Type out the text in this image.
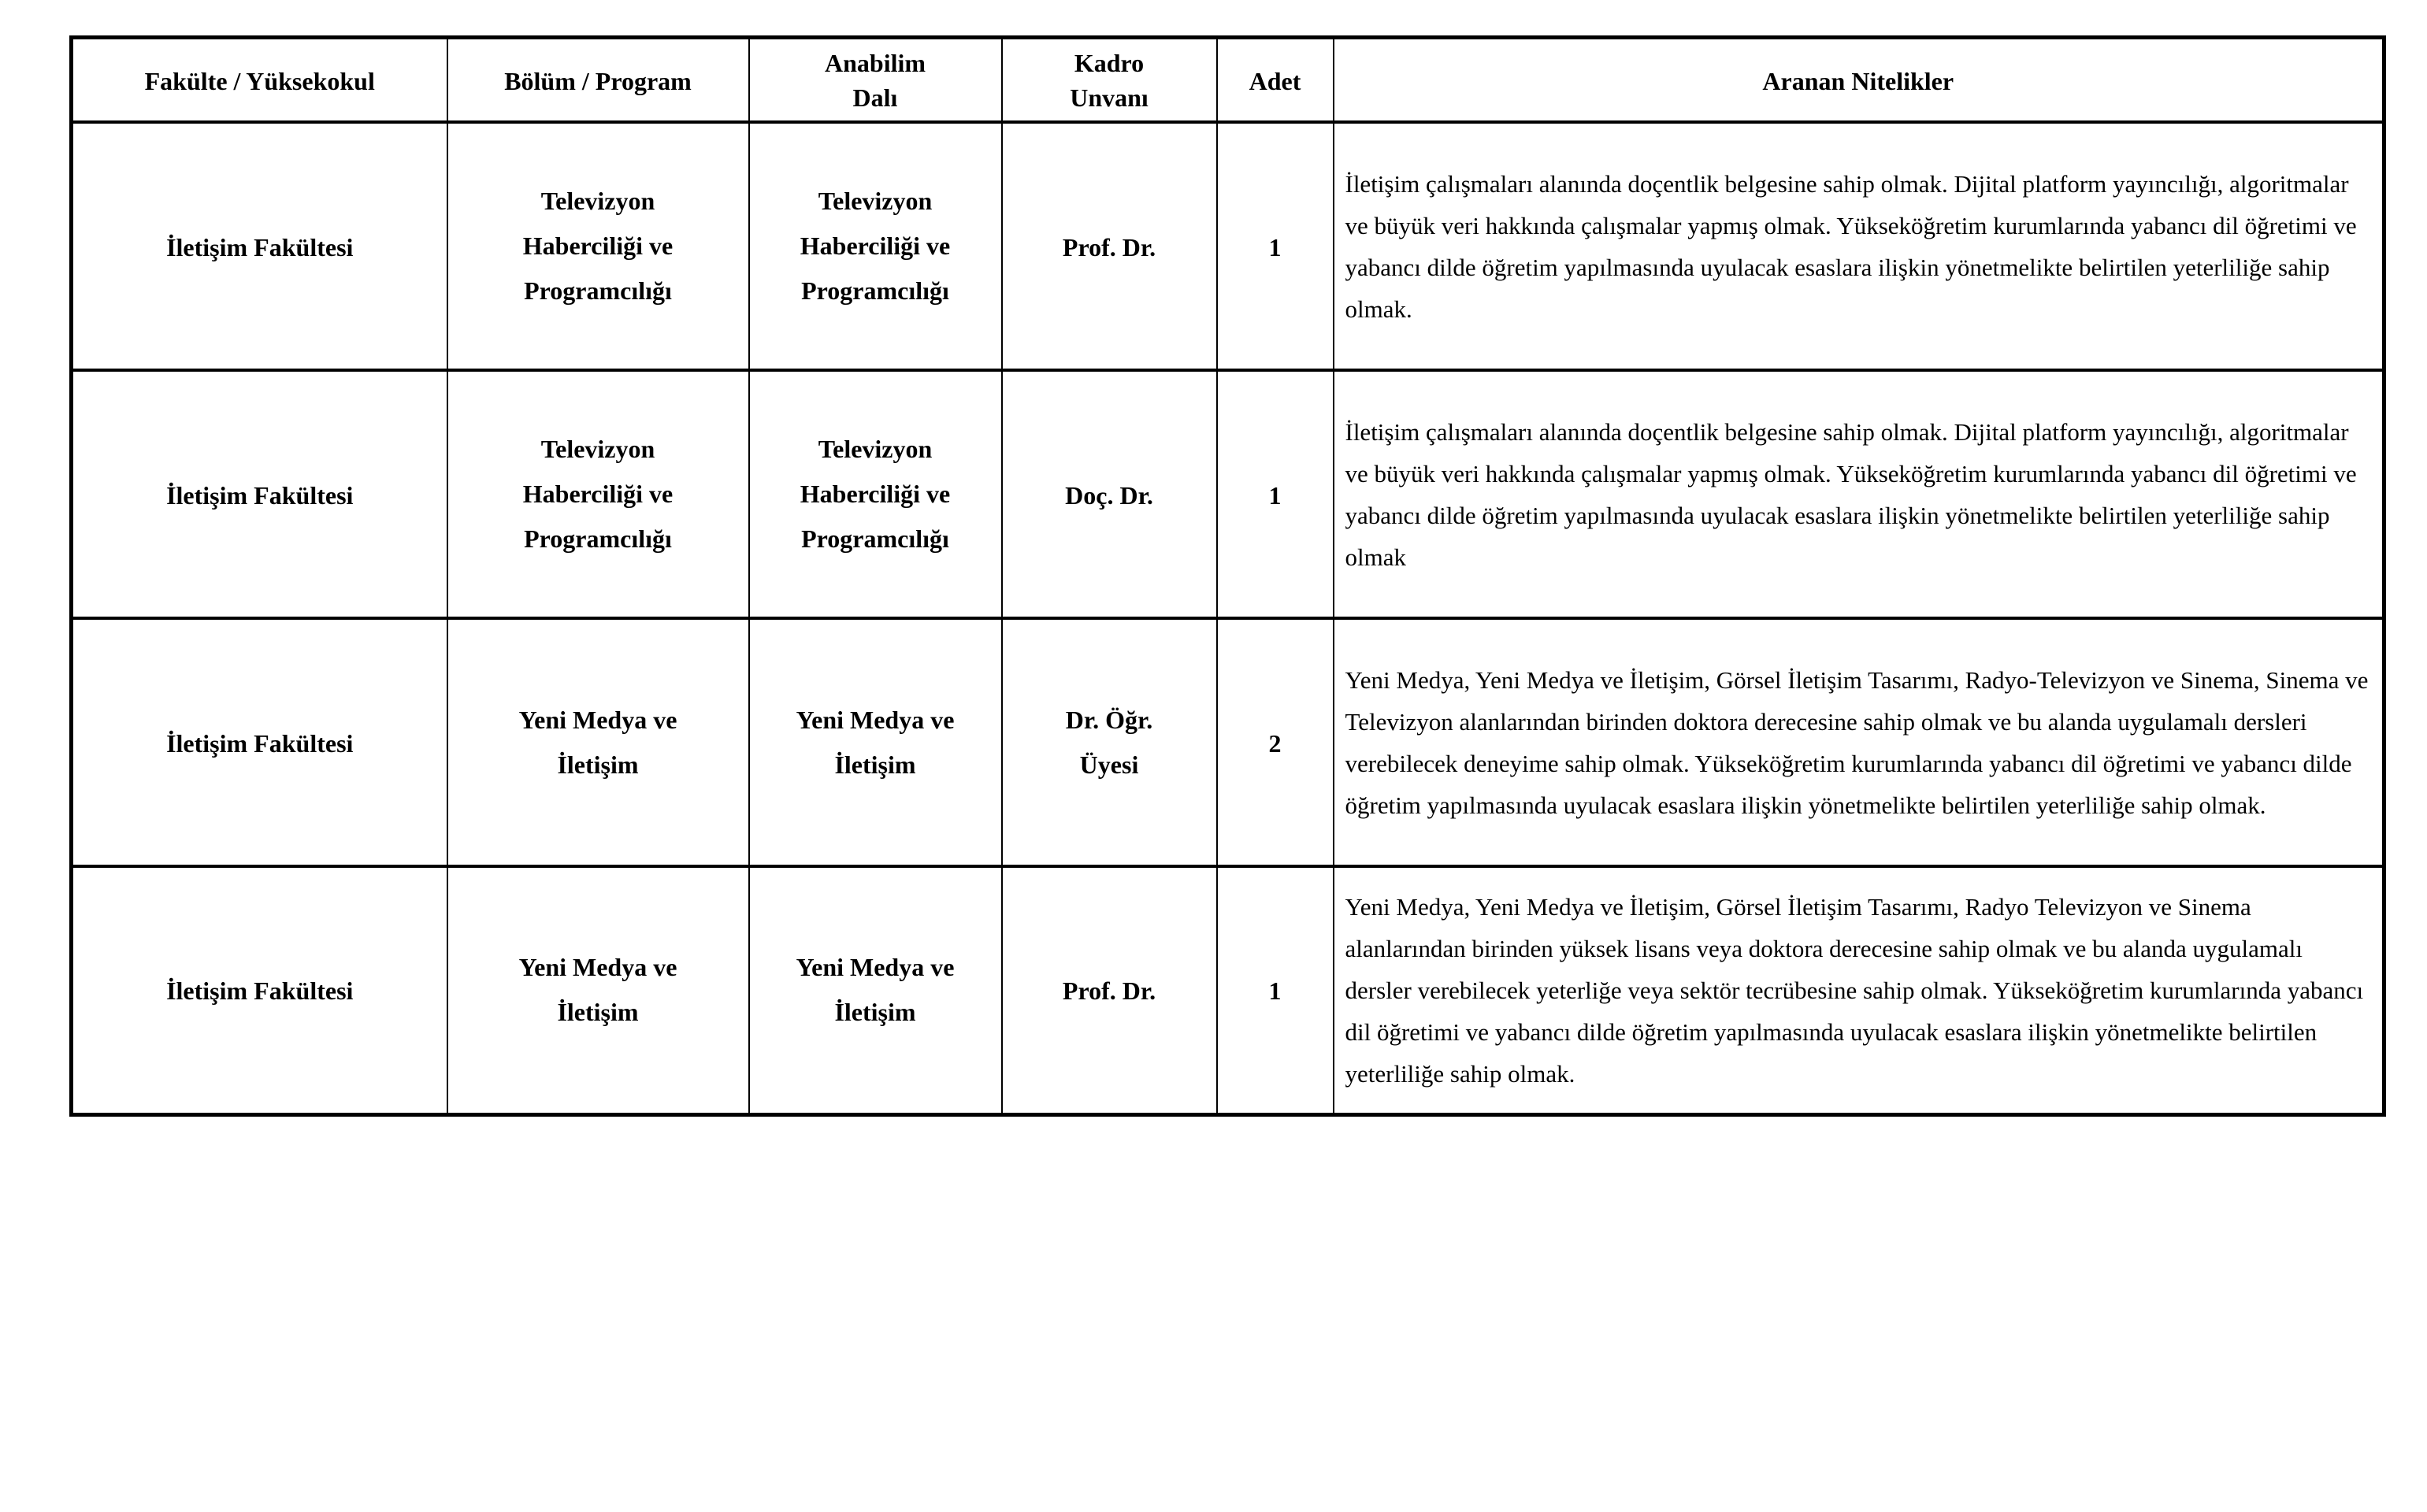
Fakülte / Yüksekokul	Bölüm / Program	Anabilim Dalı	Kadro Unvanı	Adet	Aranan Nitelikler
İletişim Fakültesi	Televizyon Haberciliği ve Programcılığı	Televizyon Haberciliği ve Programcılığı	Prof. Dr.	1	İletişim çalışmaları alanında doçentlik belgesine sahip olmak. Dijital platform yayıncılığı, algoritmalar ve büyük veri hakkında çalışmalar yapmış olmak. Yükseköğretim kurumlarında yabancı dil öğretimi ve yabancı dilde öğretim yapılmasında uyulacak esaslara ilişkin yönetmelikte belirtilen yeterliliğe sahip olmak.
İletişim Fakültesi	Televizyon Haberciliği ve Programcılığı	Televizyon Haberciliği ve Programcılığı	Doç. Dr.	1	İletişim çalışmaları alanında doçentlik belgesine sahip olmak. Dijital platform yayıncılığı, algoritmalar ve büyük veri hakkında çalışmalar yapmış olmak. Yükseköğretim kurumlarında yabancı dil öğretimi ve yabancı dilde öğretim yapılmasında uyulacak esaslara ilişkin yönetmelikte belirtilen yeterliliğe sahip olmak
İletişim Fakültesi	Yeni Medya ve İletişim	Yeni Medya ve İletişim	Dr. Öğr. Üyesi	2	Yeni Medya, Yeni Medya ve İletişim, Görsel İletişim Tasarımı, Radyo-Televizyon ve Sinema, Sinema ve Televizyon alanlarından birinden doktora derecesine sahip olmak ve bu alanda uygulamalı dersleri verebilecek deneyime sahip olmak. Yükseköğretim kurumlarında yabancı dil öğretimi ve yabancı dilde öğretim yapılmasında uyulacak esaslara ilişkin yönetmelikte belirtilen yeterliliğe sahip olmak.
İletişim Fakültesi	Yeni Medya ve İletişim	Yeni Medya ve İletişim	Prof. Dr.	1	Yeni Medya, Yeni Medya ve İletişim, Görsel İletişim Tasarımı, Radyo Televizyon ve Sinema alanlarından birinden yüksek lisans veya doktora derecesine sahip olmak ve bu alanda uygulamalı dersler verebilecek yeterliğe veya sektör tecrübesine sahip olmak. Yükseköğretim kurumlarında yabancı dil öğretimi ve yabancı dilde öğretim yapılmasında uyulacak esaslara ilişkin yönetmelikte belirtilen yeterliliğe sahip olmak.
